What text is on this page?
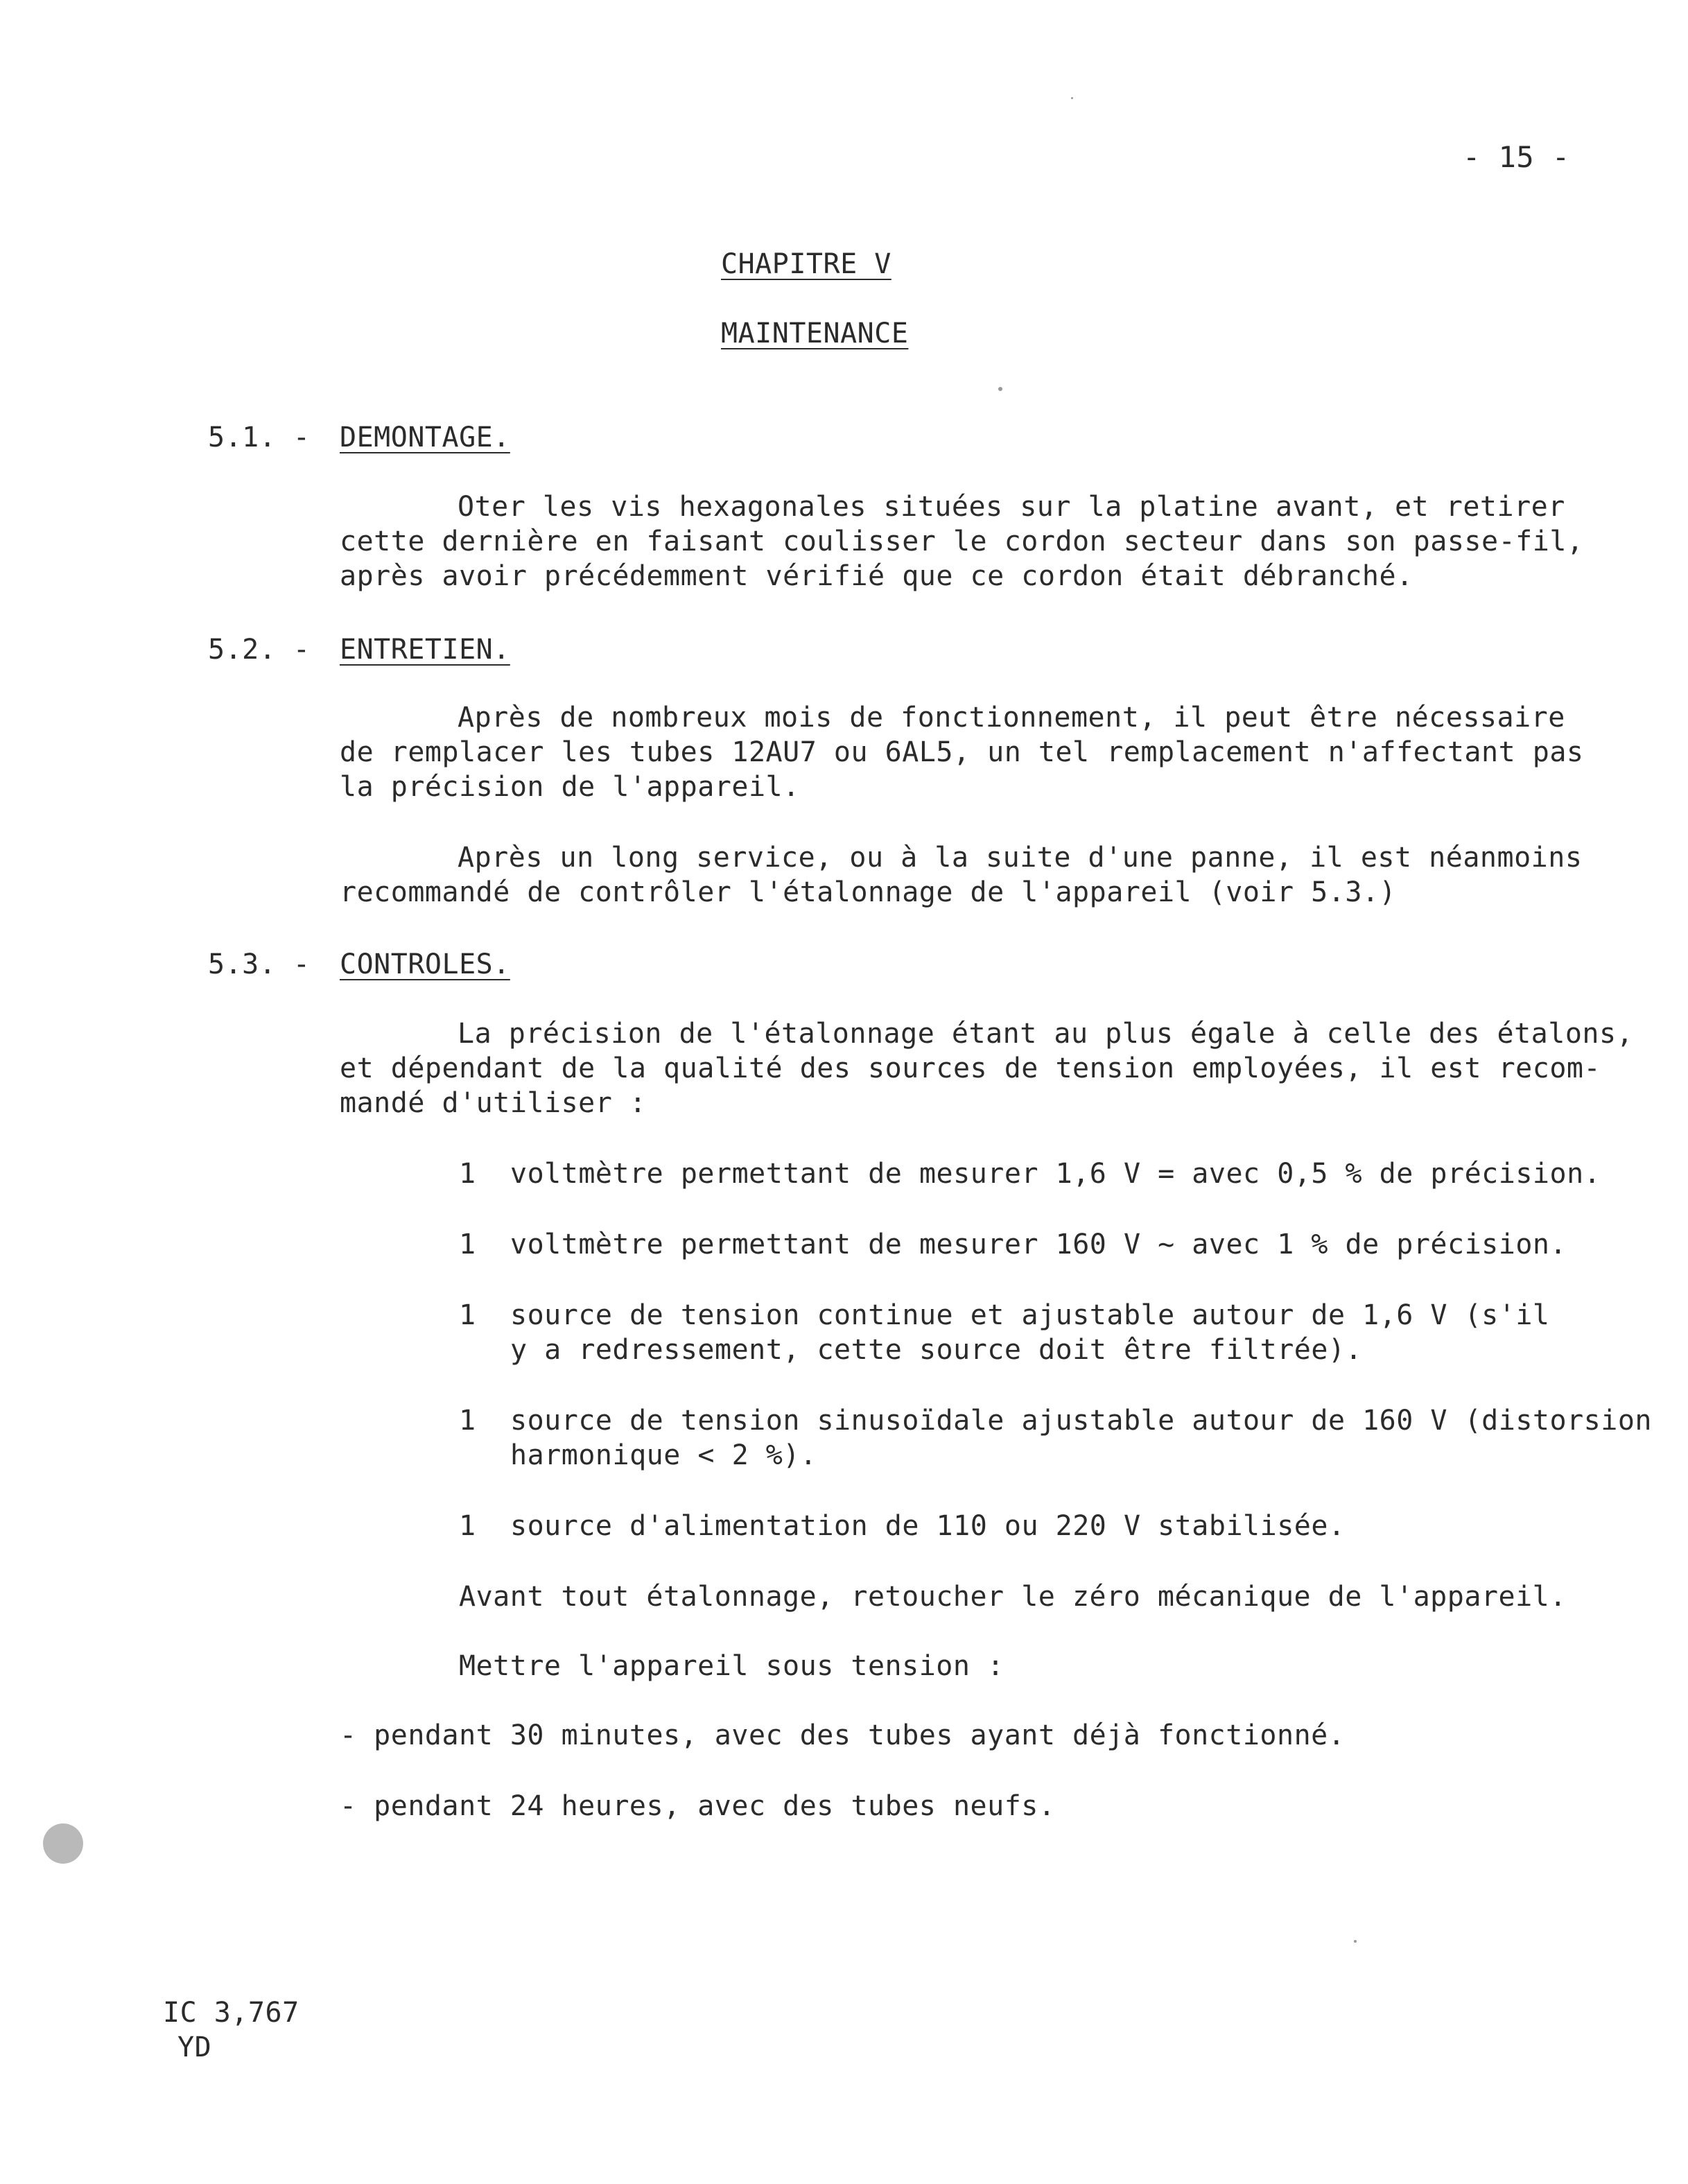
- 15 -
CHAPITRE V
MAINTENANCE
5.1. - DEMONTAGE.
Oter les vis hexagonales situées sur la platine avant, et retirer
cette dernière en faisant coulisser le cordon secteur dans son passe-fil,
après avoir précédemment vérifié que ce cordon était débranché.
5.2. - ENTRETIEN.
Après de nombreux mois de fonctionnement, il peut être nécessaire
de remplacer les tubes 12AU7 ou 6AL5, un tel remplacement n'affectant pas
la précision de l'appareil.
Après un long service, ou à la suite d'une panne, il est néanmoins
recommandé de contrôler l'étalonnage de l'appareil (voir 5.3.)
5.3. - CONTROLES.
La précision de l'étalonnage étant au plus égale à celle des étalons,
et dépendant de la qualité des sources de tension employées, il est recom-
mandé d'utiliser :
1 voltmètre permettant de mesurer 1,6 V = avec 0,5 % de précision.
1 voltmètre permettant de mesurer 160 V ~ avec 1 % de précision.
1 source de tension continue et ajustable autour de 1,6 V (s'il
y a redressement, cette source doit être filtrée).
1 source de tension sinusoïdale ajustable autour de 160 V (distorsion
harmonique < 2 %).
1 source d'alimentation de 110 ou 220 V stabilisée.
Avant tout étalonnage, retoucher le zéro mécanique de l'appareil.
Mettre l'appareil sous tension :
- pendant 30 minutes, avec des tubes ayant déjà fonctionné.
- pendant 24 heures, avec des tubes neufs.
IC 3,767
YD
